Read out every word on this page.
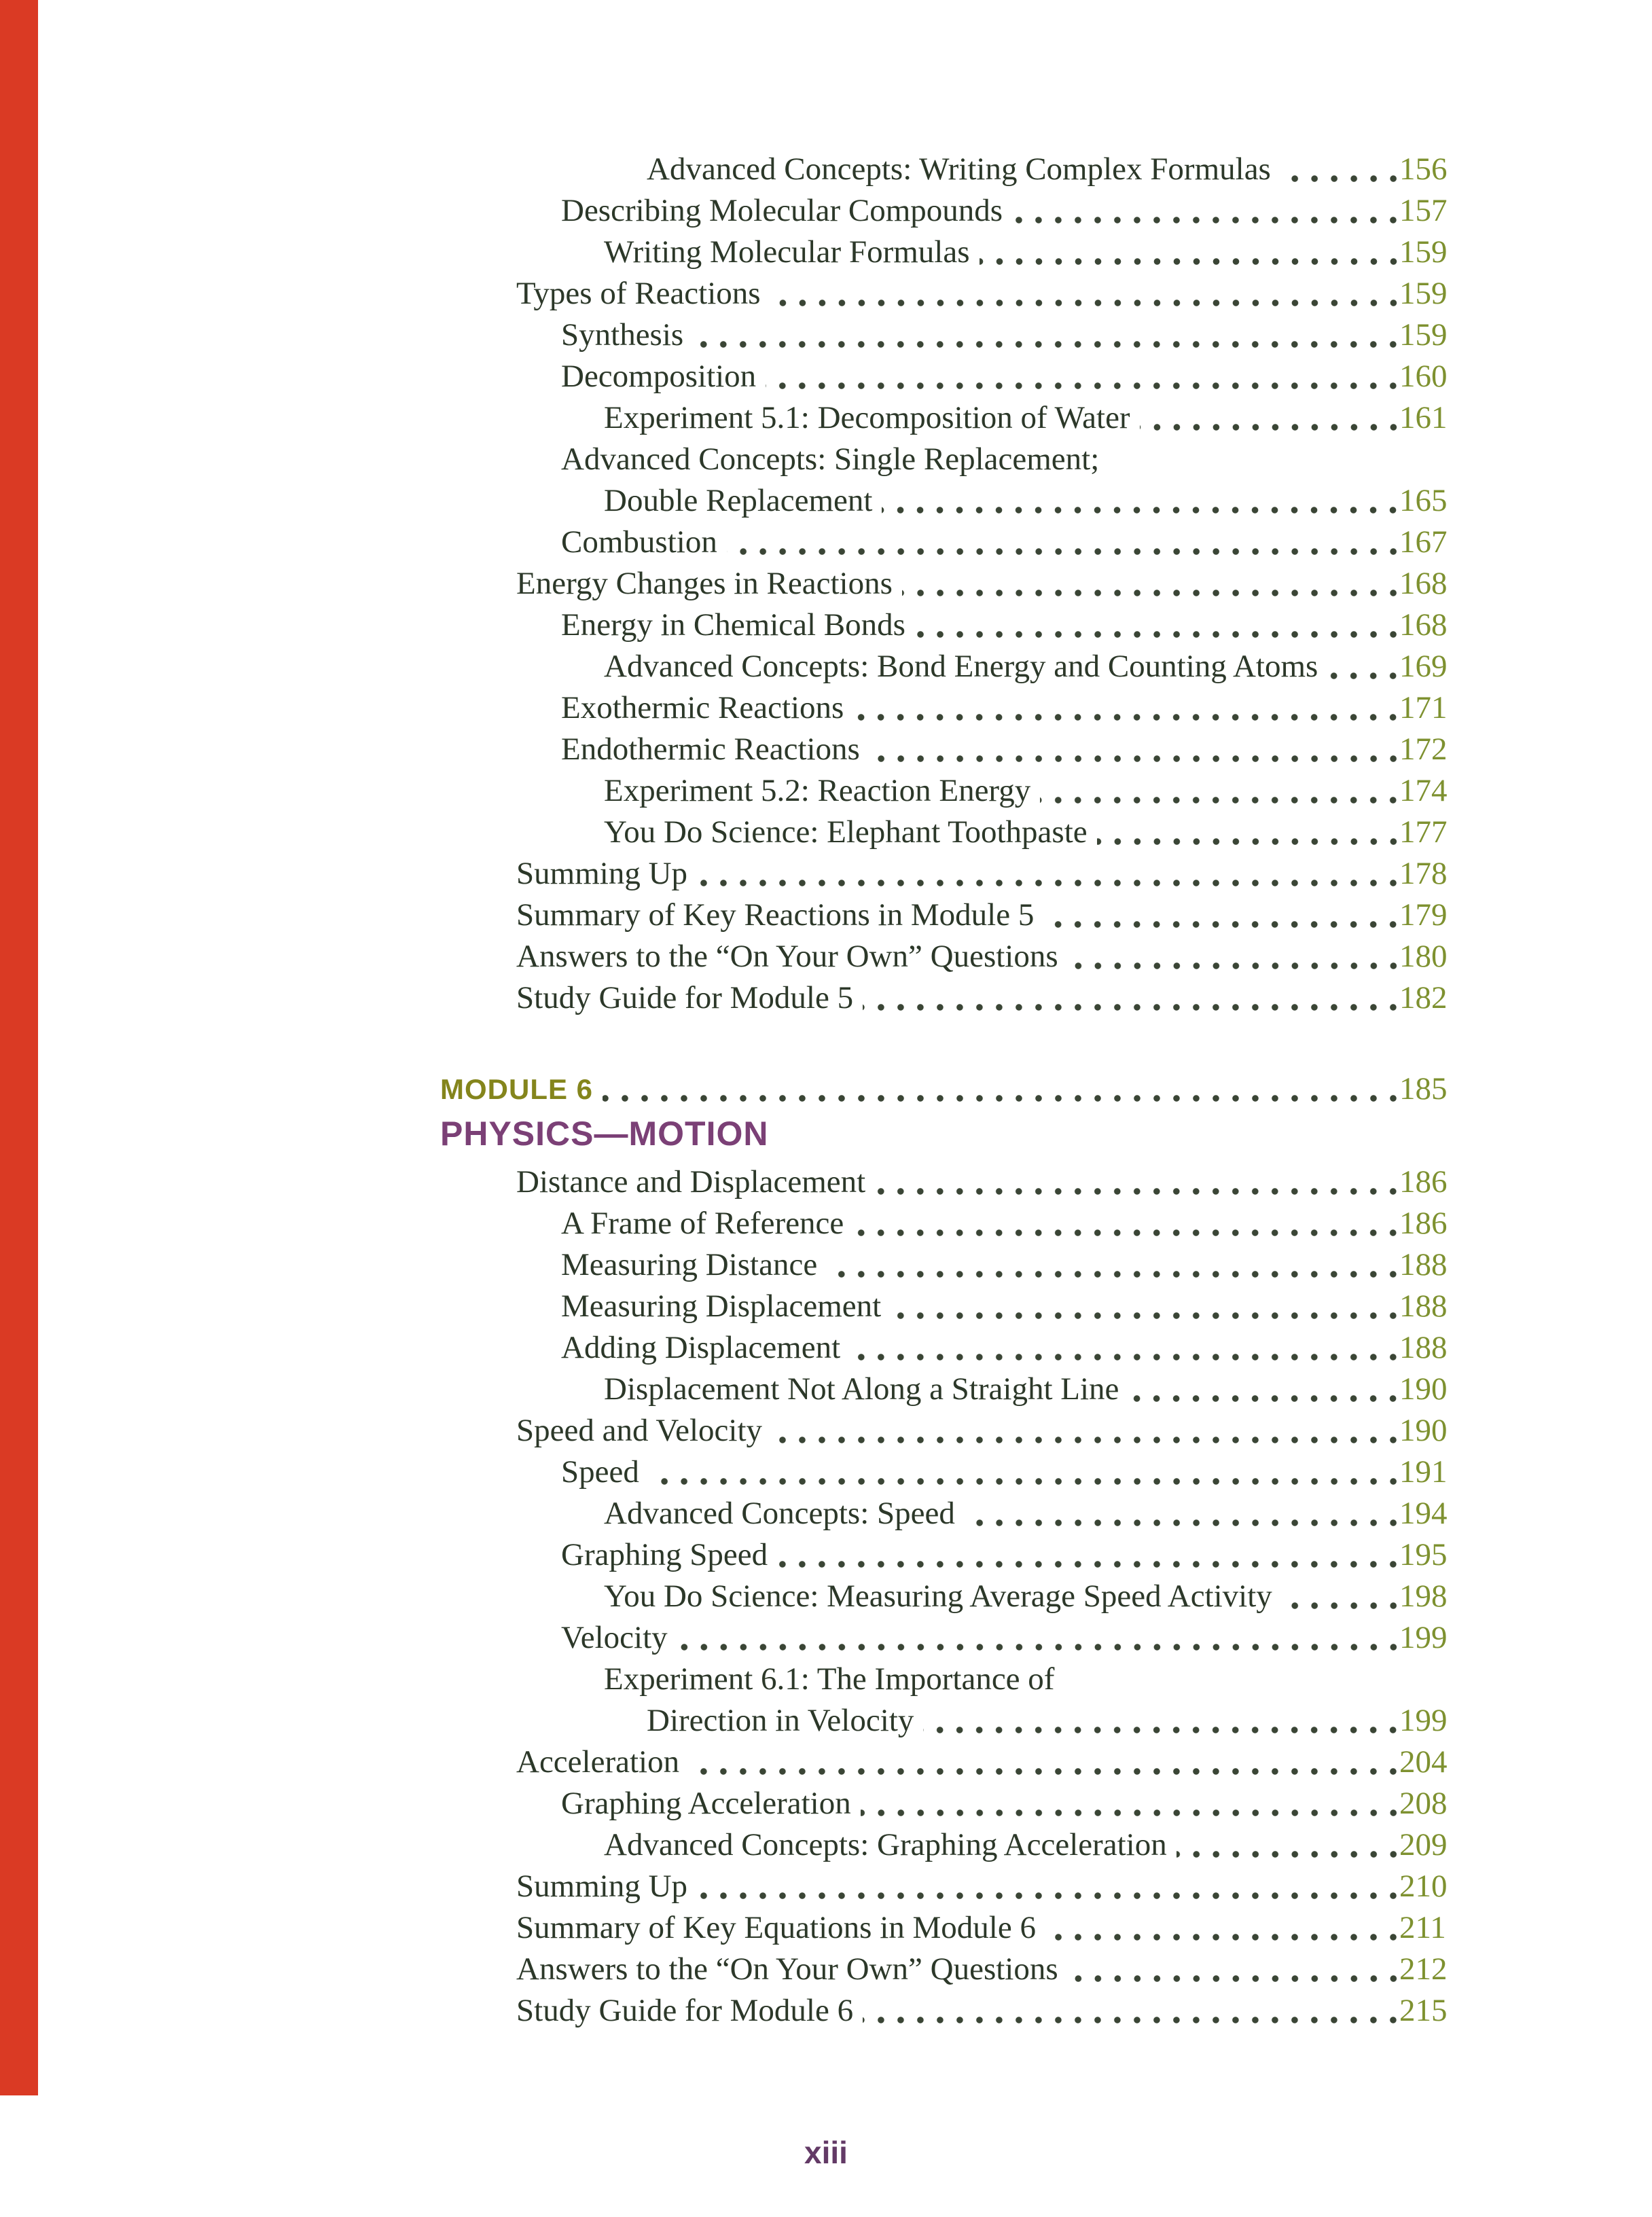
Advanced Concepts: Writing Complex Formulas	156
Describing Molecular Compounds	157
Writing Molecular Formulas	159
Types of Reactions	159
Synthesis	159
Decomposition	160
Experiment 5.1: Decomposition of Water	161
Advanced Concepts: Single Replacement;
Double Replacement	165
Combustion	167
Energy Changes in Reactions	168
Energy in Chemical Bonds	168
Advanced Concepts: Bond Energy and Counting Atoms	169
Exothermic Reactions	171
Endothermic Reactions	172
Experiment 5.2: Reaction Energy	174
You Do Science: Elephant Toothpaste	177
Summing Up	178
Summary of Key Reactions in Module 5	179
Answers to the “On Your Own” Questions	180
Study Guide for Module 5	182
MODULE 6	185
PHYSICS—MOTION
Distance and Displacement	186
A Frame of Reference	186
Measuring Distance	188
Measuring Displacement	188
Adding Displacement	188
Displacement Not Along a Straight Line	190
Speed and Velocity	190
Speed	191
Advanced Concepts: Speed	194
Graphing Speed	195
You Do Science: Measuring Average Speed Activity	198
Velocity	199
Experiment 6.1: The Importance of
Direction in Velocity	199
Acceleration	204
Graphing Acceleration	208
Advanced Concepts: Graphing Acceleration	209
Summing Up	210
Summary of Key Equations in Module 6	211
Answers to the “On Your Own” Questions	212
Study Guide for Module 6	215
xiii
